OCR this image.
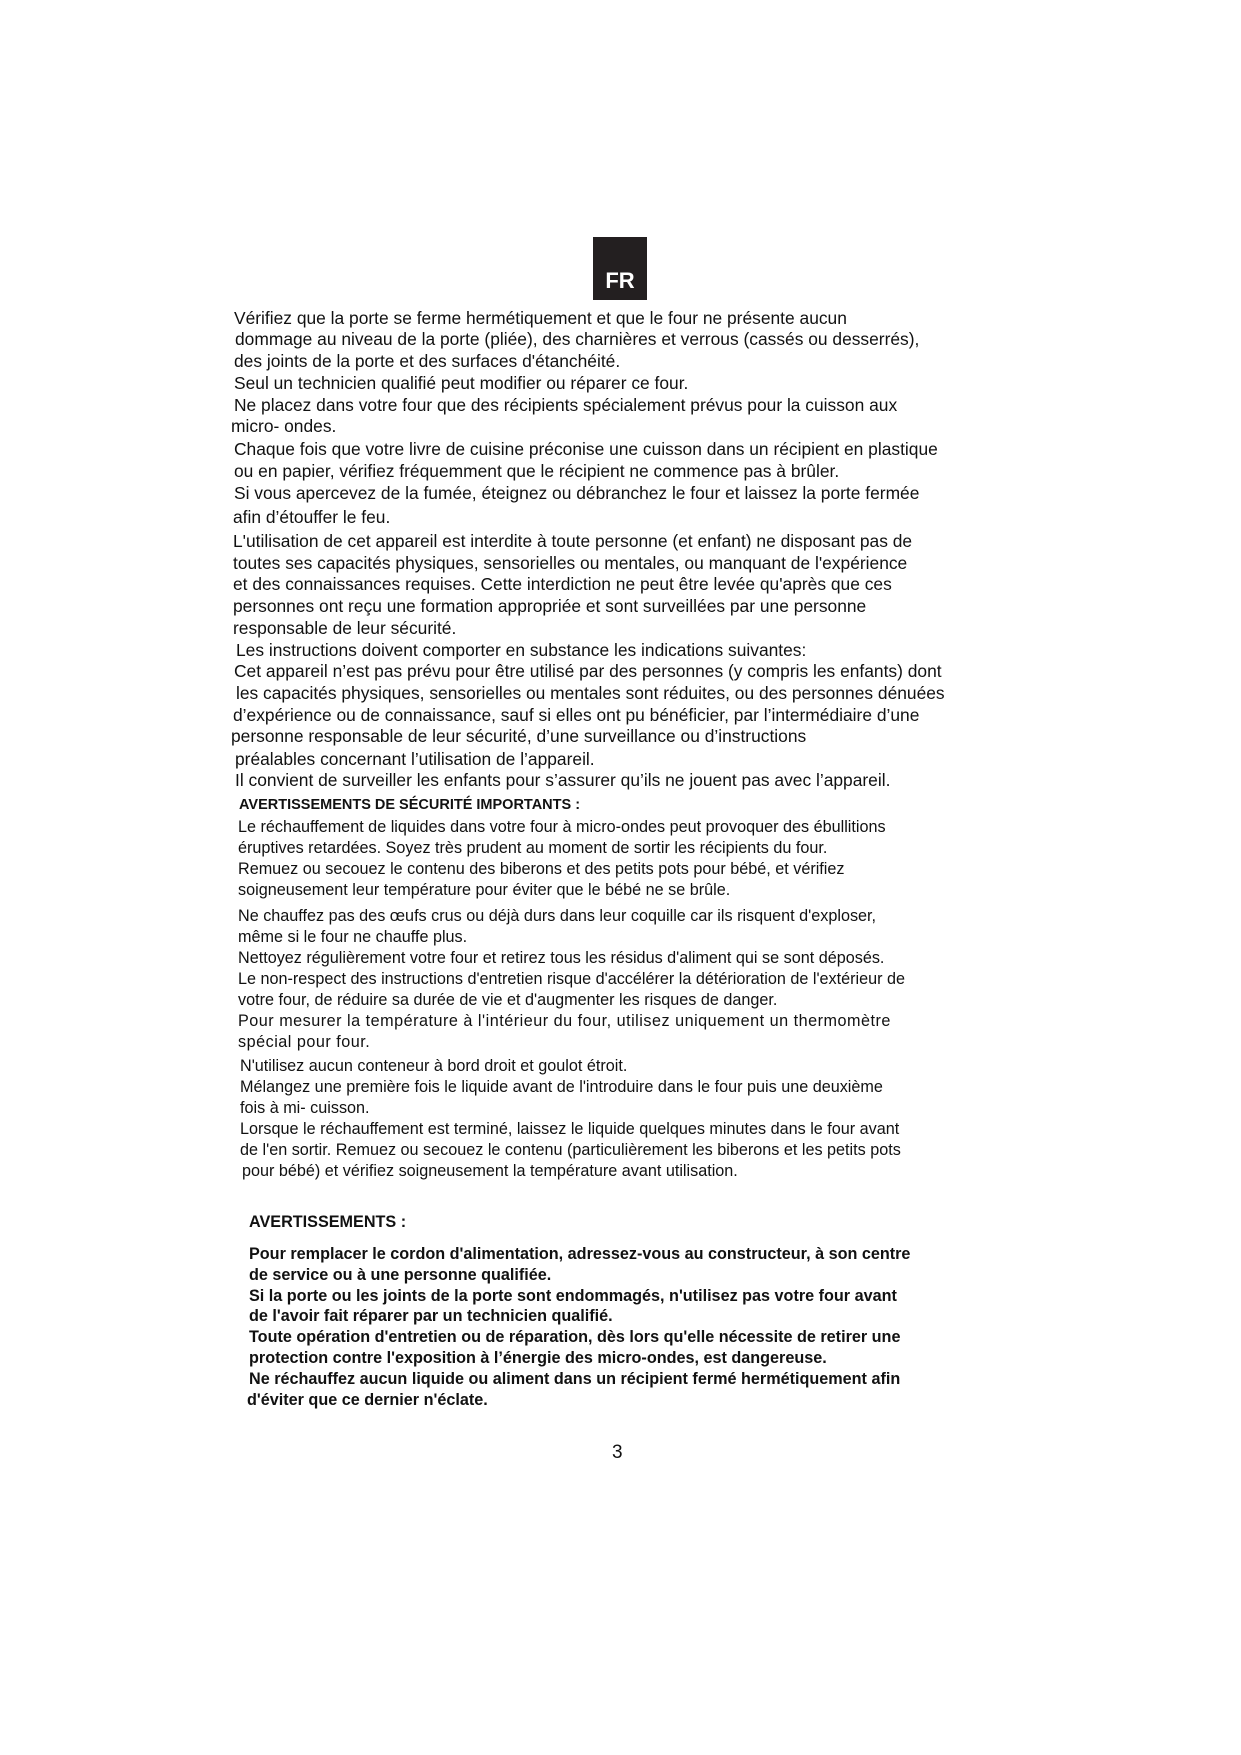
FR
Vérifiez que la porte se ferme hermétiquement et que le four ne présente aucun
dommage au niveau de la porte (pliée), des charnières et verrous (cassés ou desserrés),
des joints de la porte et des surfaces d'étanchéité.
Seul un technicien qualifié peut modifier ou réparer ce four.
Ne placez dans votre four que des récipients spécialement prévus pour la cuisson aux
micro- ondes.
Chaque fois que votre livre de cuisine préconise une cuisson dans un récipient en plastique
ou en papier, vérifiez fréquemment que le récipient ne commence pas à brûler.
Si vous apercevez de la fumée, éteignez ou débranchez le four et laissez la porte fermée
afin d’étouffer le feu.
L'utilisation de cet appareil est interdite à toute personne (et enfant) ne disposant pas de
toutes ses capacités physiques, sensorielles ou mentales, ou manquant de l'expérience
et des connaissances requises. Cette interdiction ne peut être levée qu'après que ces
personnes ont reçu une formation appropriée et sont surveillées par une personne
responsable de leur sécurité.
Les instructions doivent comporter en substance les indications suivantes:
Cet appareil n’est pas prévu pour être utilisé par des personnes (y compris les enfants) dont
les capacités physiques, sensorielles ou mentales sont réduites, ou des personnes dénuées
d’expérience ou de connaissance, sauf si elles ont pu bénéficier, par l’intermédiaire d’une
personne responsable de leur sécurité, d’une surveillance ou d’instructions
préalables concernant l’utilisation de l’appareil.
Il convient de surveiller les enfants pour s’assurer qu’ils ne jouent pas avec l’appareil.
AVERTISSEMENTS DE SÉCURITÉ IMPORTANTS :
Le réchauffement de liquides dans votre four à micro-ondes peut provoquer des ébullitions
éruptives retardées. Soyez très prudent au moment de sortir les récipients du four.
Remuez ou secouez le contenu des biberons et des petits pots pour bébé, et vérifiez
soigneusement leur température pour éviter que le bébé ne se brûle.
Ne chauffez pas des œufs crus ou déjà durs dans leur coquille car ils risquent d'exploser,
même si le four ne chauffe plus.
Nettoyez régulièrement votre four et retirez tous les résidus d'aliment qui se sont déposés.
Le non-respect des instructions d'entretien risque d'accélérer la détérioration de l'extérieur de
votre four, de réduire sa durée de vie et d'augmenter les risques de danger.
Pour mesurer la température à l'intérieur du four, utilisez uniquement un thermomètre
spécial pour four.
N'utilisez aucun conteneur à bord droit et goulot étroit.
Mélangez une première fois le liquide avant de l'introduire dans le four puis une deuxième
fois à mi- cuisson.
Lorsque le réchauffement est terminé, laissez le liquide quelques minutes dans le four avant
de l'en sortir. Remuez ou secouez le contenu (particulièrement les biberons et les petits pots
pour bébé) et vérifiez soigneusement la température avant utilisation.
AVERTISSEMENTS :
Pour remplacer le cordon d'alimentation, adressez-vous au constructeur, à son centre
de service ou à une personne qualifiée.
Si la porte ou les joints de la porte sont endommagés, n'utilisez pas votre four avant
de l'avoir fait réparer par un technicien qualifié.
Toute opération d'entretien ou de réparation, dès lors qu'elle nécessite de retirer une
protection contre l'exposition à l’énergie des micro-ondes, est dangereuse.
Ne réchauffez aucun liquide ou aliment dans un récipient fermé hermétiquement afin
d'éviter que ce dernier n'éclate.
3
